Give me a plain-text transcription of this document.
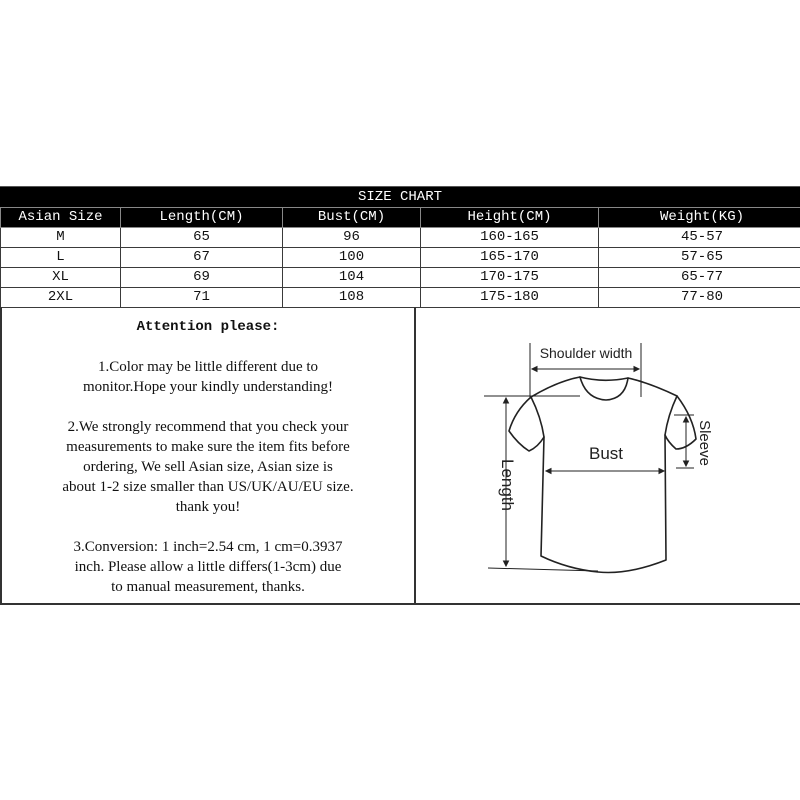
SIZE CHART
Asian Size	Length(CM)	Bust(CM)	Height(CM)	Weight(KG)
M	65	96	160-165	45-57
L	67	100	165-170	57-65
XL	69	104	170-175	65-77
2XL	71	108	175-180	77-80
Attention please:

1.Color may be little different due to

monitor.Hope your kindly understanding!

2.We strongly recommend that you check your

measurements to make sure the item fits before

ordering, We sell Asian size, Asian size is

about 1-2 size smaller than US/UK/AU/EU size.

thank you!

3.Conversion: 1 inch=2.54 cm, 1 cm=0.3937

inch. Please allow a little differs(1-3cm) due

to manual measurement, thanks.

Shoulder width
Bust	Sleeve
Length
